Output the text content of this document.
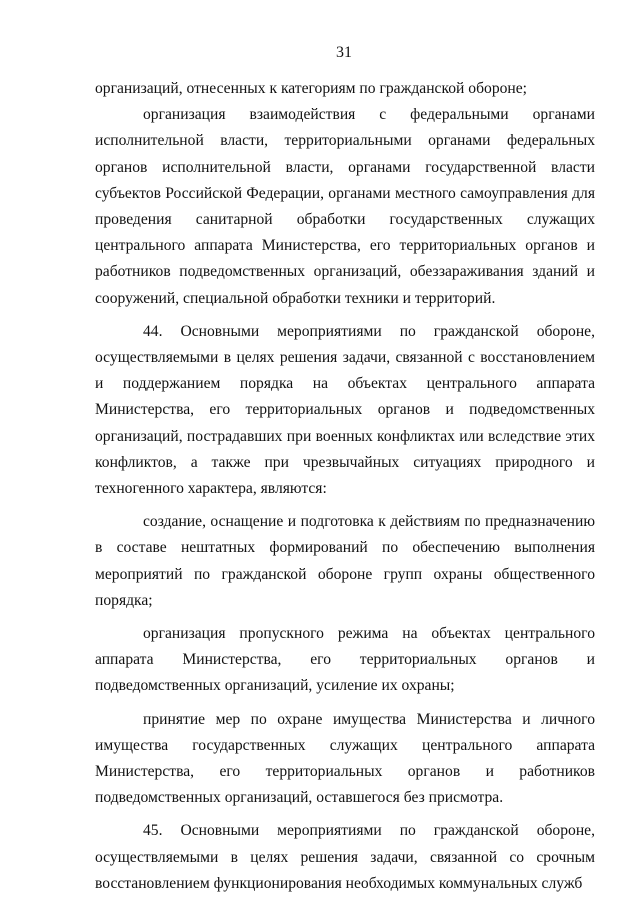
31

организаций, отнесенных к категориям по гражданской обороне;

организация взаимодействия с федеральными органами исполнительной власти, территориальными органами федеральных органов исполнительной власти, органами государственной власти субъектов Российской Федерации, органами местного самоуправления для проведения санитарной обработки государственных служащих центрального аппарата Министерства, его территориальных органов и работников подведомственных организаций, обеззараживания зданий и сооружений, специальной обработки техники и территорий.

44. Основными мероприятиями по гражданской обороне, осуществляемыми в целях решения задачи, связанной с восстановлением и поддержанием порядка на объектах центрального аппарата Министерства, его территориальных органов и подведомственных организаций, пострадавших при военных конфликтах или вследствие этих конфликтов, а также при чрезвычайных ситуациях природного и техногенного характера, являются:

создание, оснащение и подготовка к действиям по предназначению в составе нештатных формирований по обеспечению выполнения мероприятий по гражданской обороне групп охраны общественного порядка;

организация пропускного режима на объектах центрального аппарата Министерства, его территориальных органов и подведомственных организаций, усиление их охраны;

принятие мер по охране имущества Министерства и личного имущества государственных служащих центрального аппарата Министерства, его территориальных органов и работников подведомственных организаций, оставшегося без присмотра.

45. Основными мероприятиями по гражданской обороне, осуществляемыми в целях решения задачи, связанной со срочным восстановлением функционирования необходимых коммунальных служб
